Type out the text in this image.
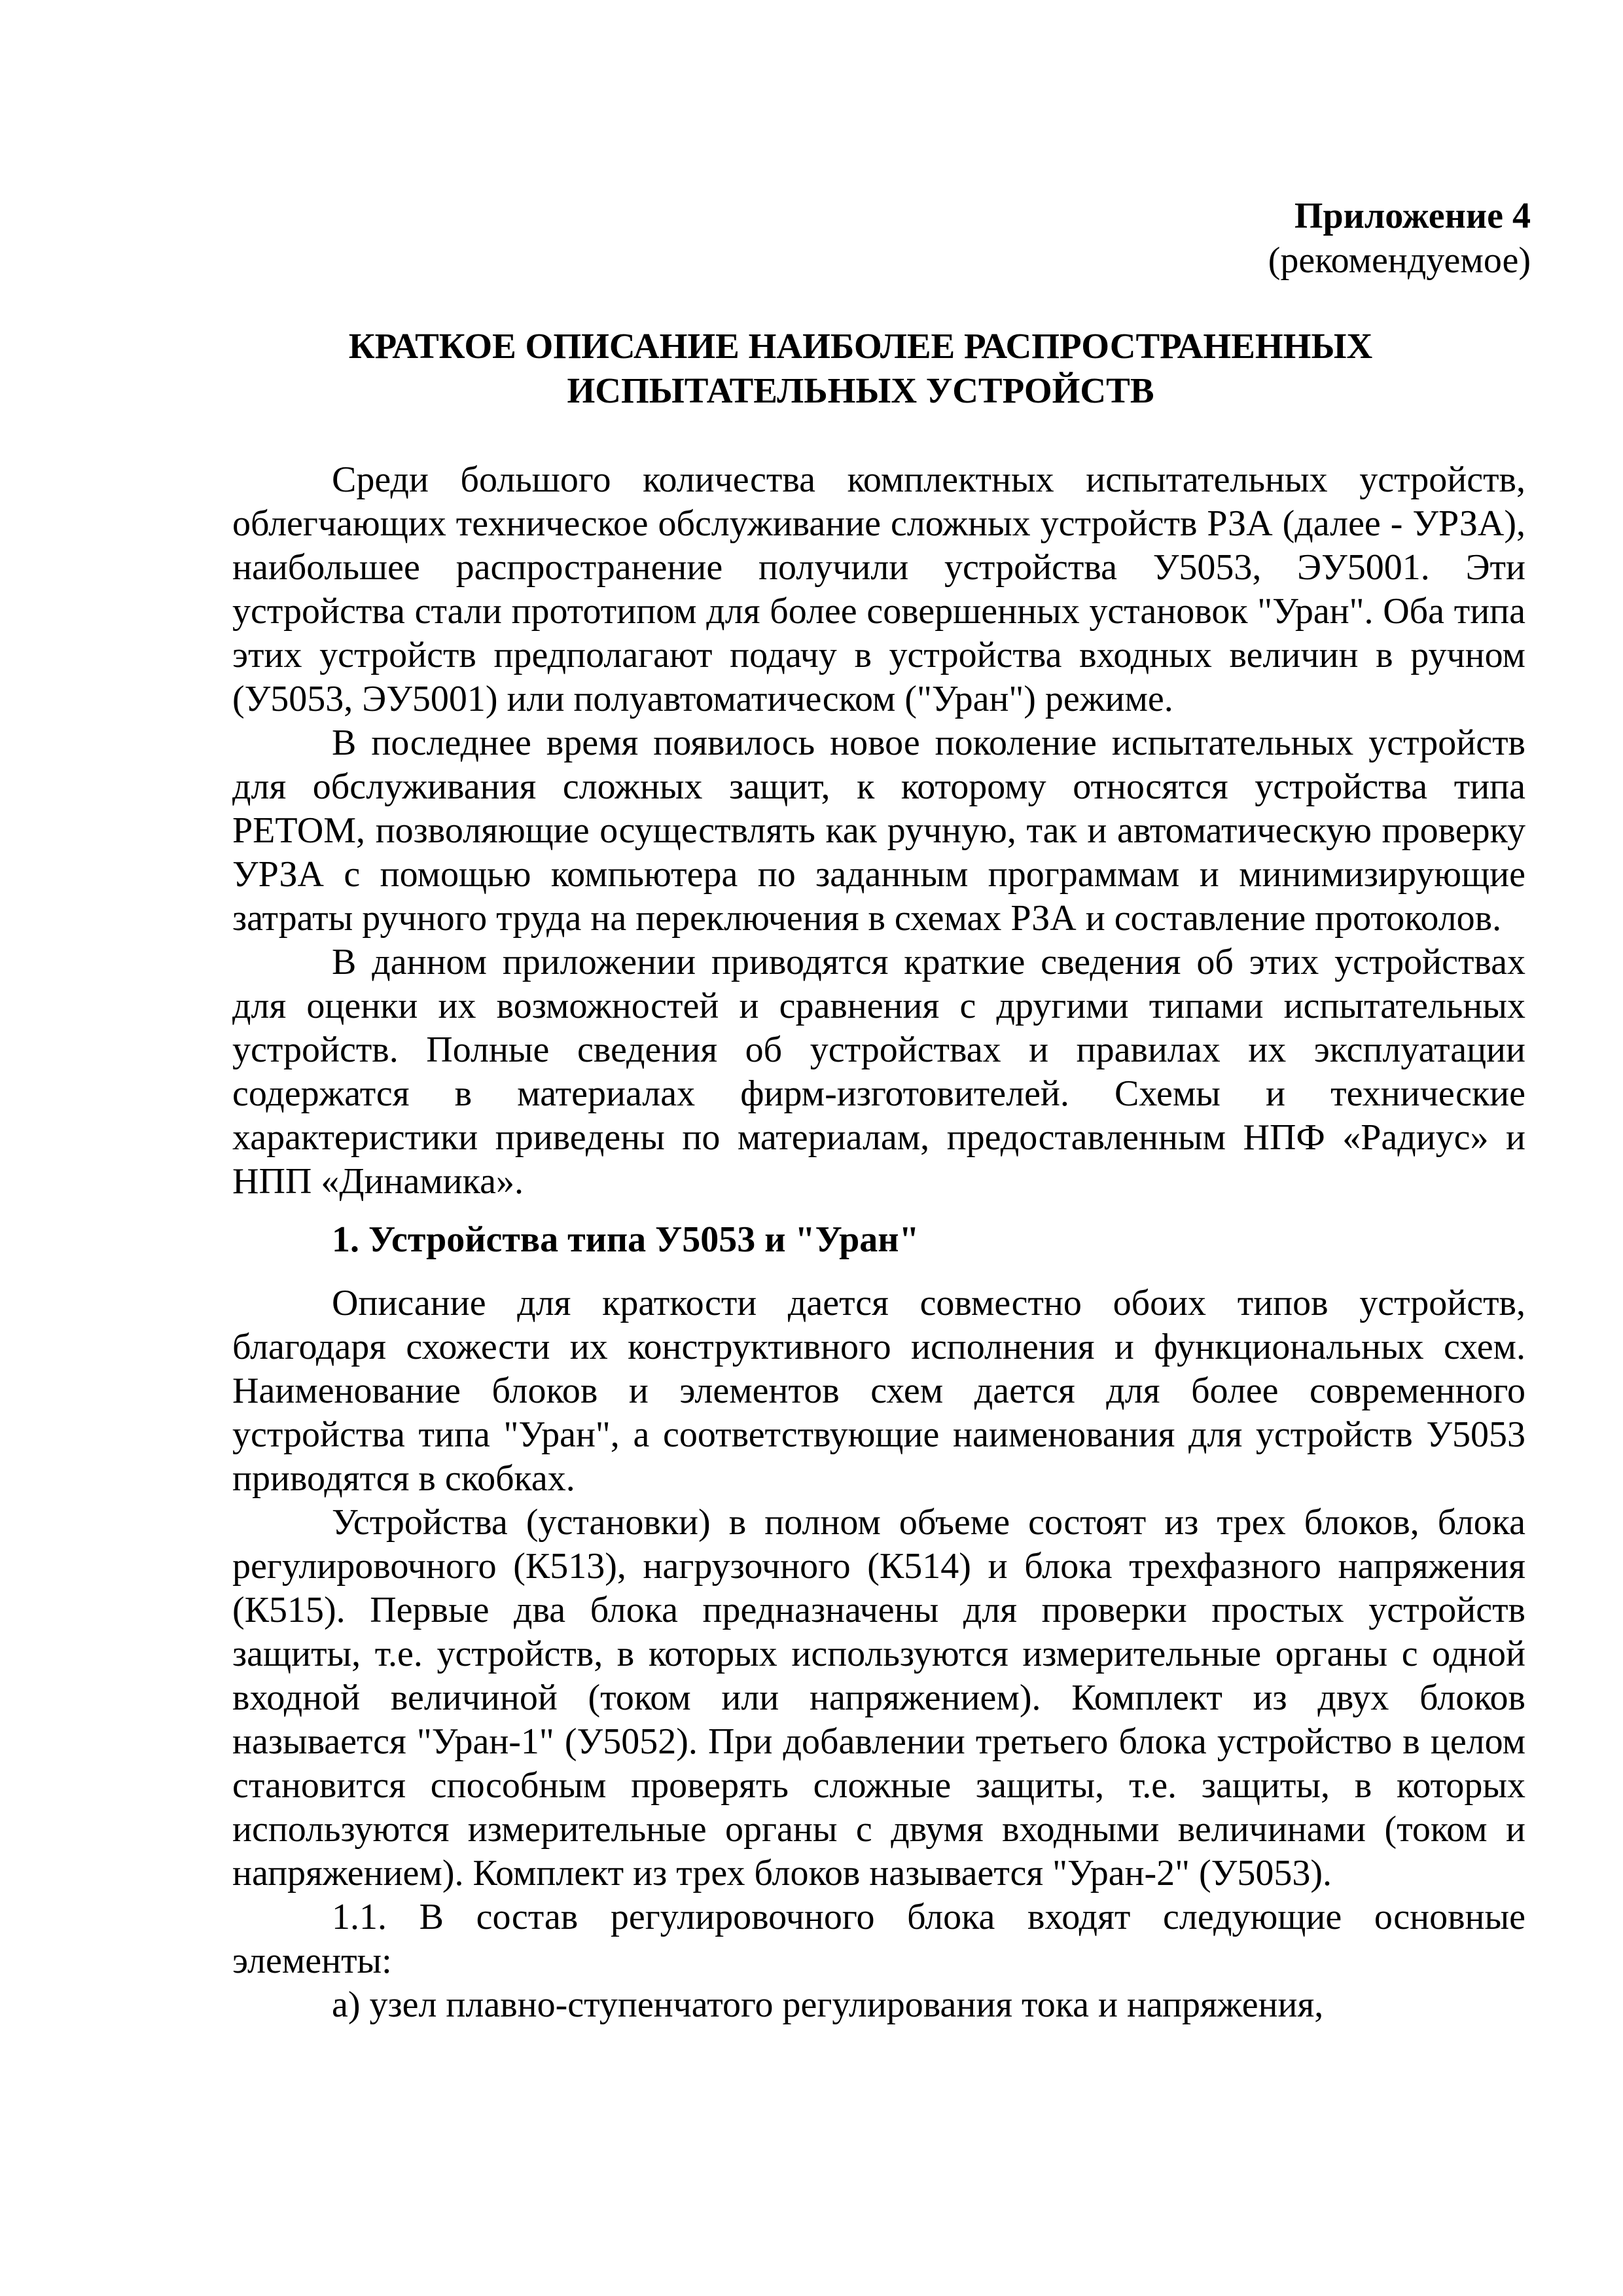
Приложение 4
(рекомендуемое)
КРАТКОЕ ОПИСАНИЕ НАИБОЛЕЕ РАСПРОСТРАНЕННЫХ
ИСПЫТАТЕЛЬНЫХ УСТРОЙСТВ

Среди большого количества комплектных испытательных устройств, облегчающих техническое обслуживание сложных устройств РЗА (далее - УРЗА), наибольшее распространение получили устройства У5053, ЭУ5001. Эти устройства стали прототипом для более совершенных установок "Уран". Оба типа этих устройств предполагают подачу в устройства входных величин в ручном (У5053, ЭУ5001) или полуавтоматическом ("Уран") режиме.

В последнее время появилось новое поколение испытательных устройств для обслуживания сложных защит, к которому относятся устройства типа РЕТОМ, позволяющие осуществлять как ручную, так и автоматическую проверку УРЗА с помощью компьютера по заданным программам и минимизирующие затраты ручного труда на переключения в схемах РЗА и составление протоколов.

В данном приложении приводятся краткие сведения об этих устройствах для оценки их возможностей и сравнения с другими типами испытательных устройств. Полные сведения об устройствах и правилах их эксплуатации содержатся в материалах фирм-изготовителей. Схемы и технические характеристики приведены по материалам, предоставленным НПФ «Радиус» и НПП «Динамика».

1. Устройства типа У5053 и "Уран"

Описание для краткости дается совместно обоих типов устройств, благодаря схожести их конструктивного исполнения и функциональных схем. Наименование блоков и элементов схем дается для более современного устройства типа "Уран", а соответствующие наименования для устройств У5053 приводятся в скобках.

Устройства (установки) в полном объеме состоят из трех блоков, блока регулировочного (К513), нагрузочного (К514) и блока трехфазного напряжения (К515). Первые два блока предназначены для проверки простых устройств защиты, т.е. устройств, в которых используются измерительные органы с одной входной величиной (током или напряжением). Комплект из двух блоков называется "Уран-1" (У5052). При добавлении третьего блока устройство в целом становится способным проверять сложные защиты, т.е. защиты, в которых используются измерительные органы с двумя входными величинами (током и напряжением). Комплект из трех блоков называется "Уран-2" (У5053).

1.1. В состав регулировочного блока входят следующие основные элементы:

а) узел плавно-ступенчатого регулирования тока и напряжения,
